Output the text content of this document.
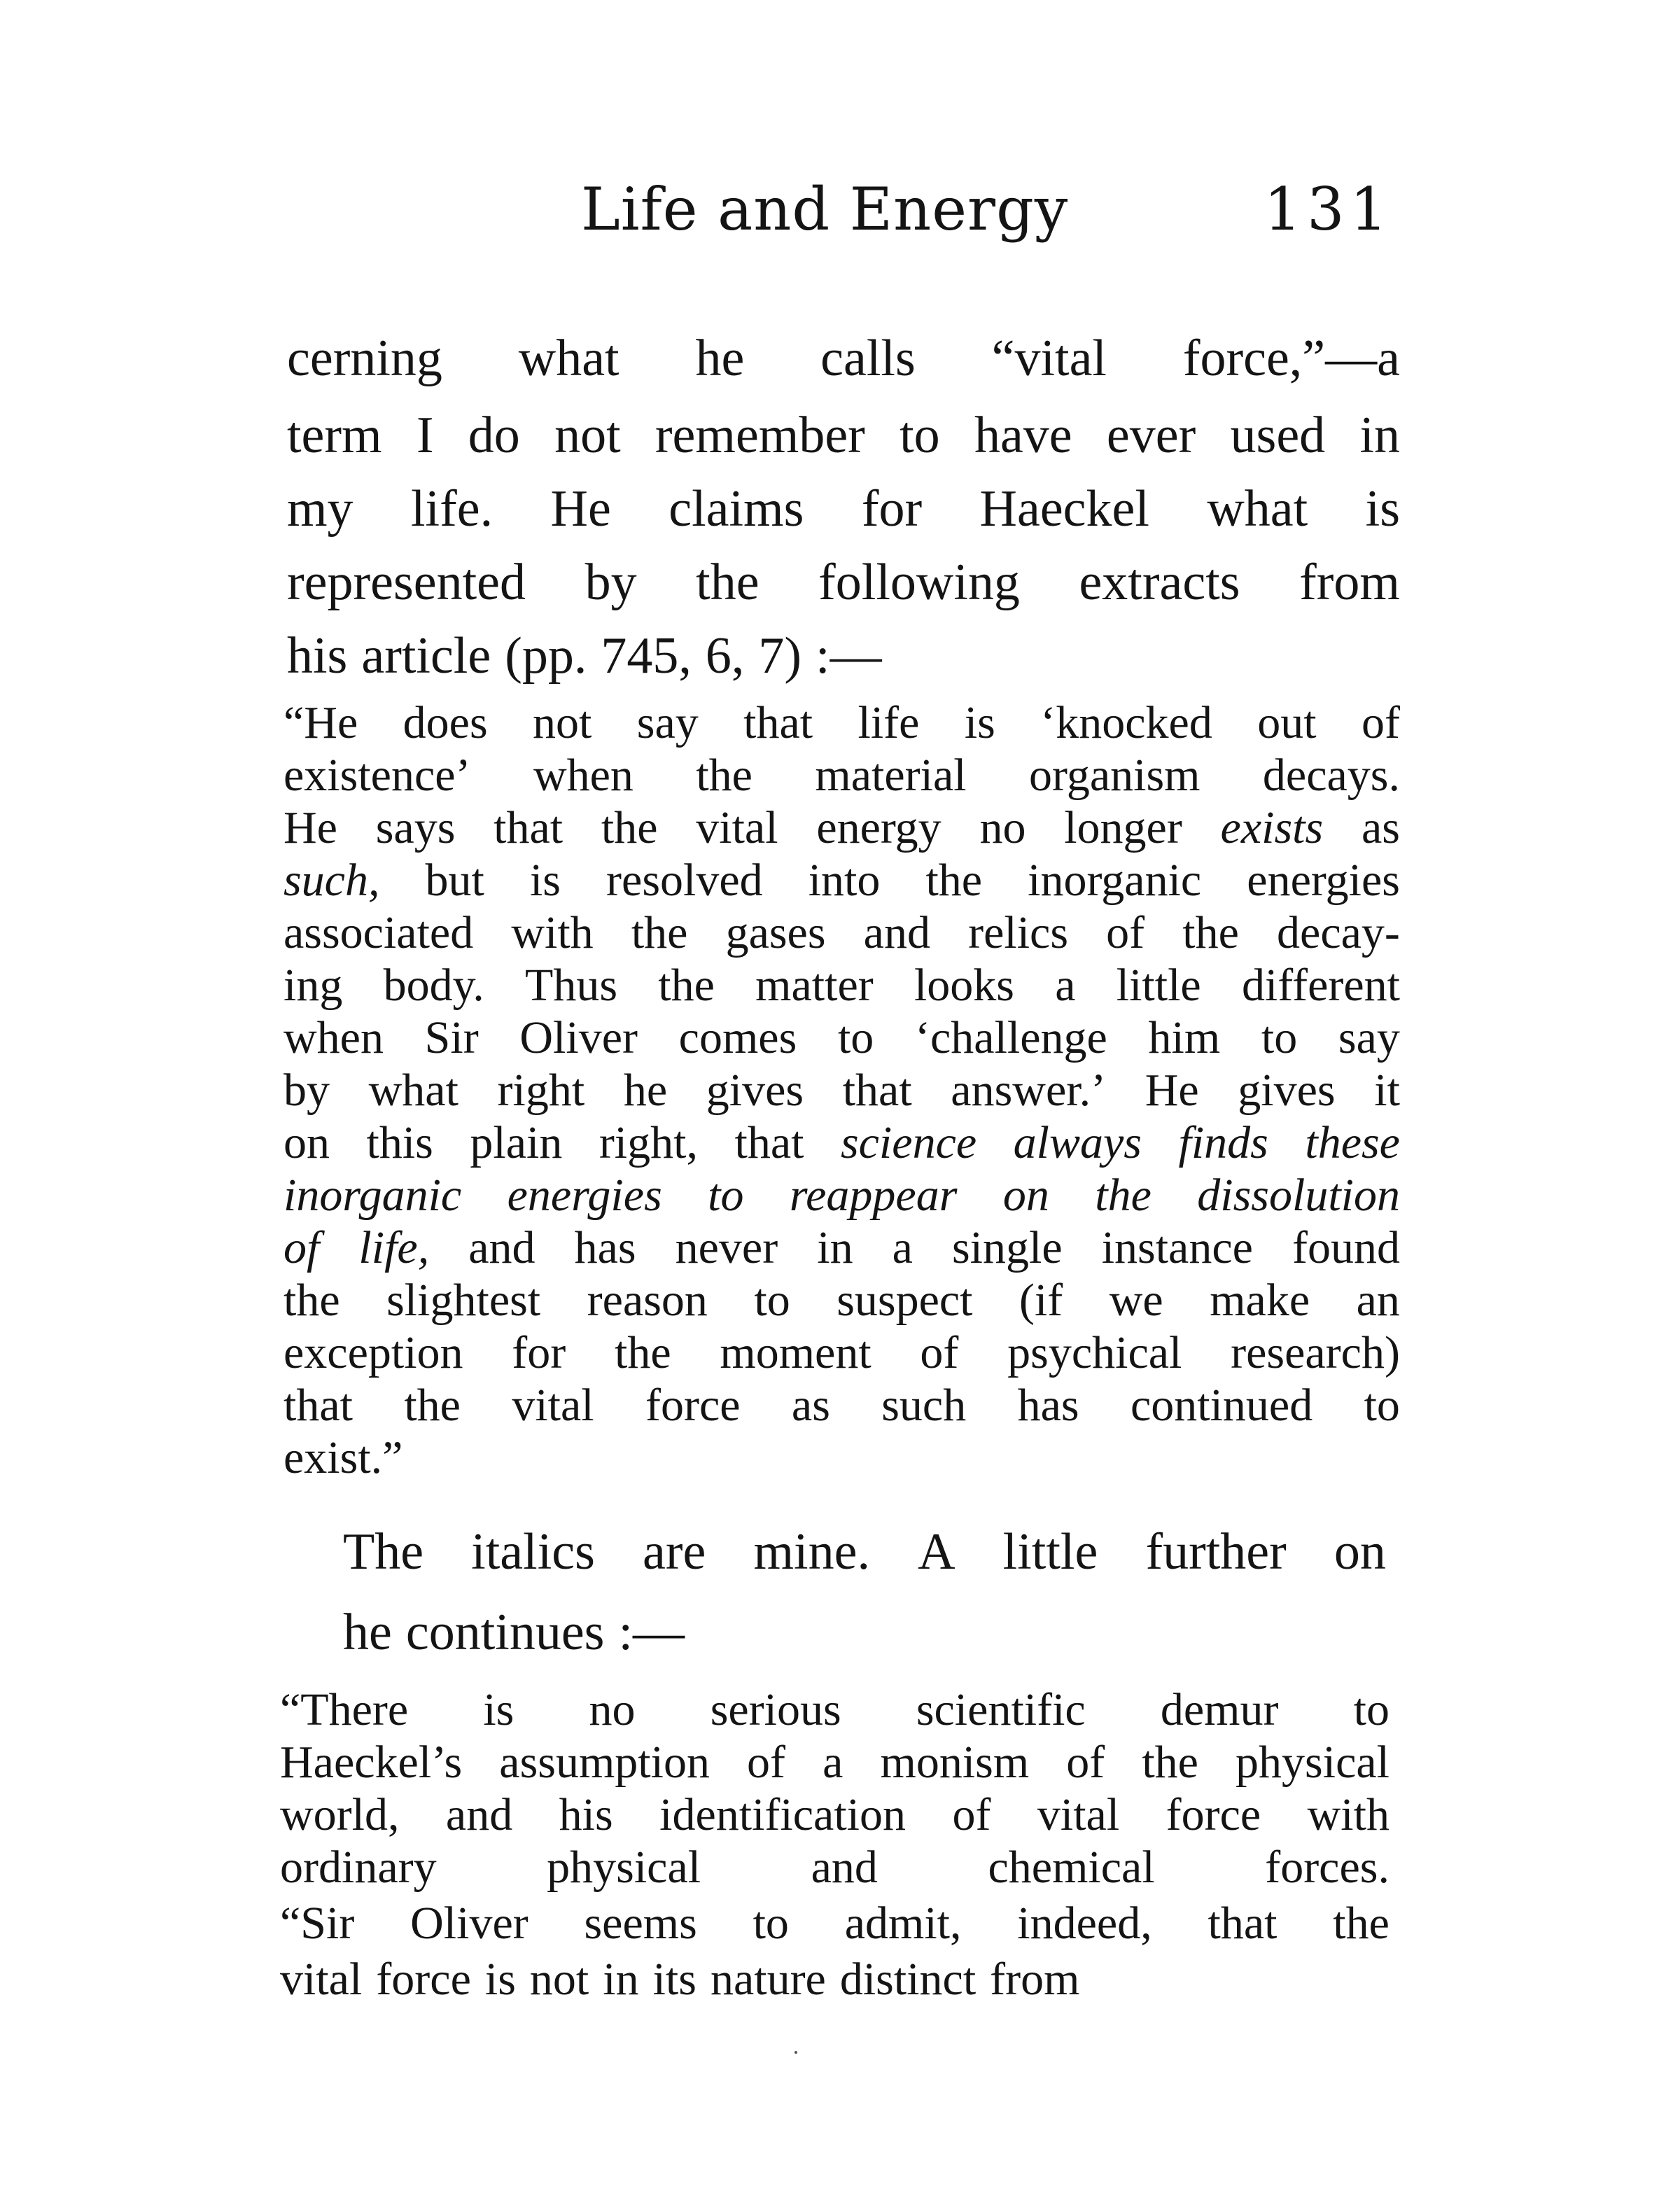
Life and Energy	131
cerning what he calls “vital force,”—a
term I do not remember to have ever used in
my life. He claims for Haeckel what is
represented by the following extracts from
his article (pp. 745, 6, 7) :—
“He does not say that life is ‘knocked out of
existence’ when the material organism decays.
He says that the vital energy no longer exists as
such, but is resolved into the inorganic energies
associated with the gases and relics of the decay-
ing body. Thus the matter looks a little different
when Sir Oliver comes to ‘challenge him to say
by what right he gives that answer.’ He gives it
on this plain right, that science always finds these
inorganic energies to reappear on the dissolution
of life, and has never in a single instance found
the slightest reason to suspect (if we make an
exception for the moment of psychical research)
that the vital force as such has continued to
exist.”
The italics are mine. A little further on
he continues :—
“There is no serious scientific demur to
Haeckel’s assumption of a monism of the physical
world, and his identification of vital force with
ordinary physical and chemical forces.
“Sir Oliver seems to admit, indeed, that the
vital force is not in its nature distinct from
